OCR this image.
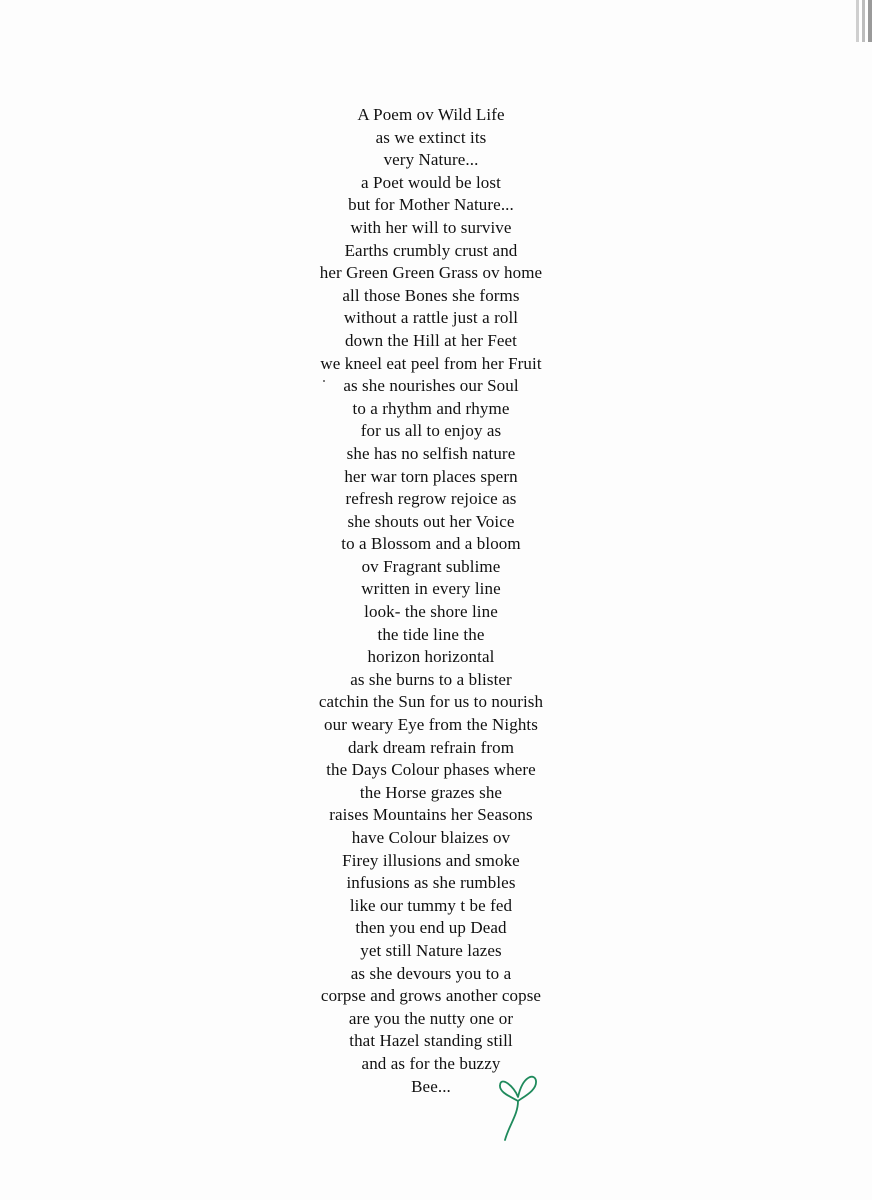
A Poem ov Wild Life
as we extinct its
very Nature...
a Poet would be lost
but for Mother Nature...
with her will to survive
Earths crumbly crust and
her Green Green Grass ov home
all those Bones she forms
without a rattle just a roll
down the Hill at her Feet
we kneel eat peel from her Fruit
as she nourishes our Soul
to a rhythm and rhyme
for us all to enjoy as
she has no selfish nature
her war torn places spern
refresh regrow rejoice as
she shouts out her Voice
to a Blossom and a bloom
ov Fragrant sublime
written in every line
look- the shore line
the tide line the
horizon horizontal
as she burns to a blister
catchin the Sun for us to nourish
our weary Eye from the Nights
dark dream refrain from
the Days Colour phases where
the Horse grazes she
raises Mountains her Seasons
have Colour blaizes ov
Firey illusions and smoke
infusions as she rumbles
like our tummy t be fed
then you end up Dead
yet still Nature lazes
as she devours you to a
corpse and grows another copse
are you the nutty one or
that Hazel standing still
and as for the buzzy
Bee...
